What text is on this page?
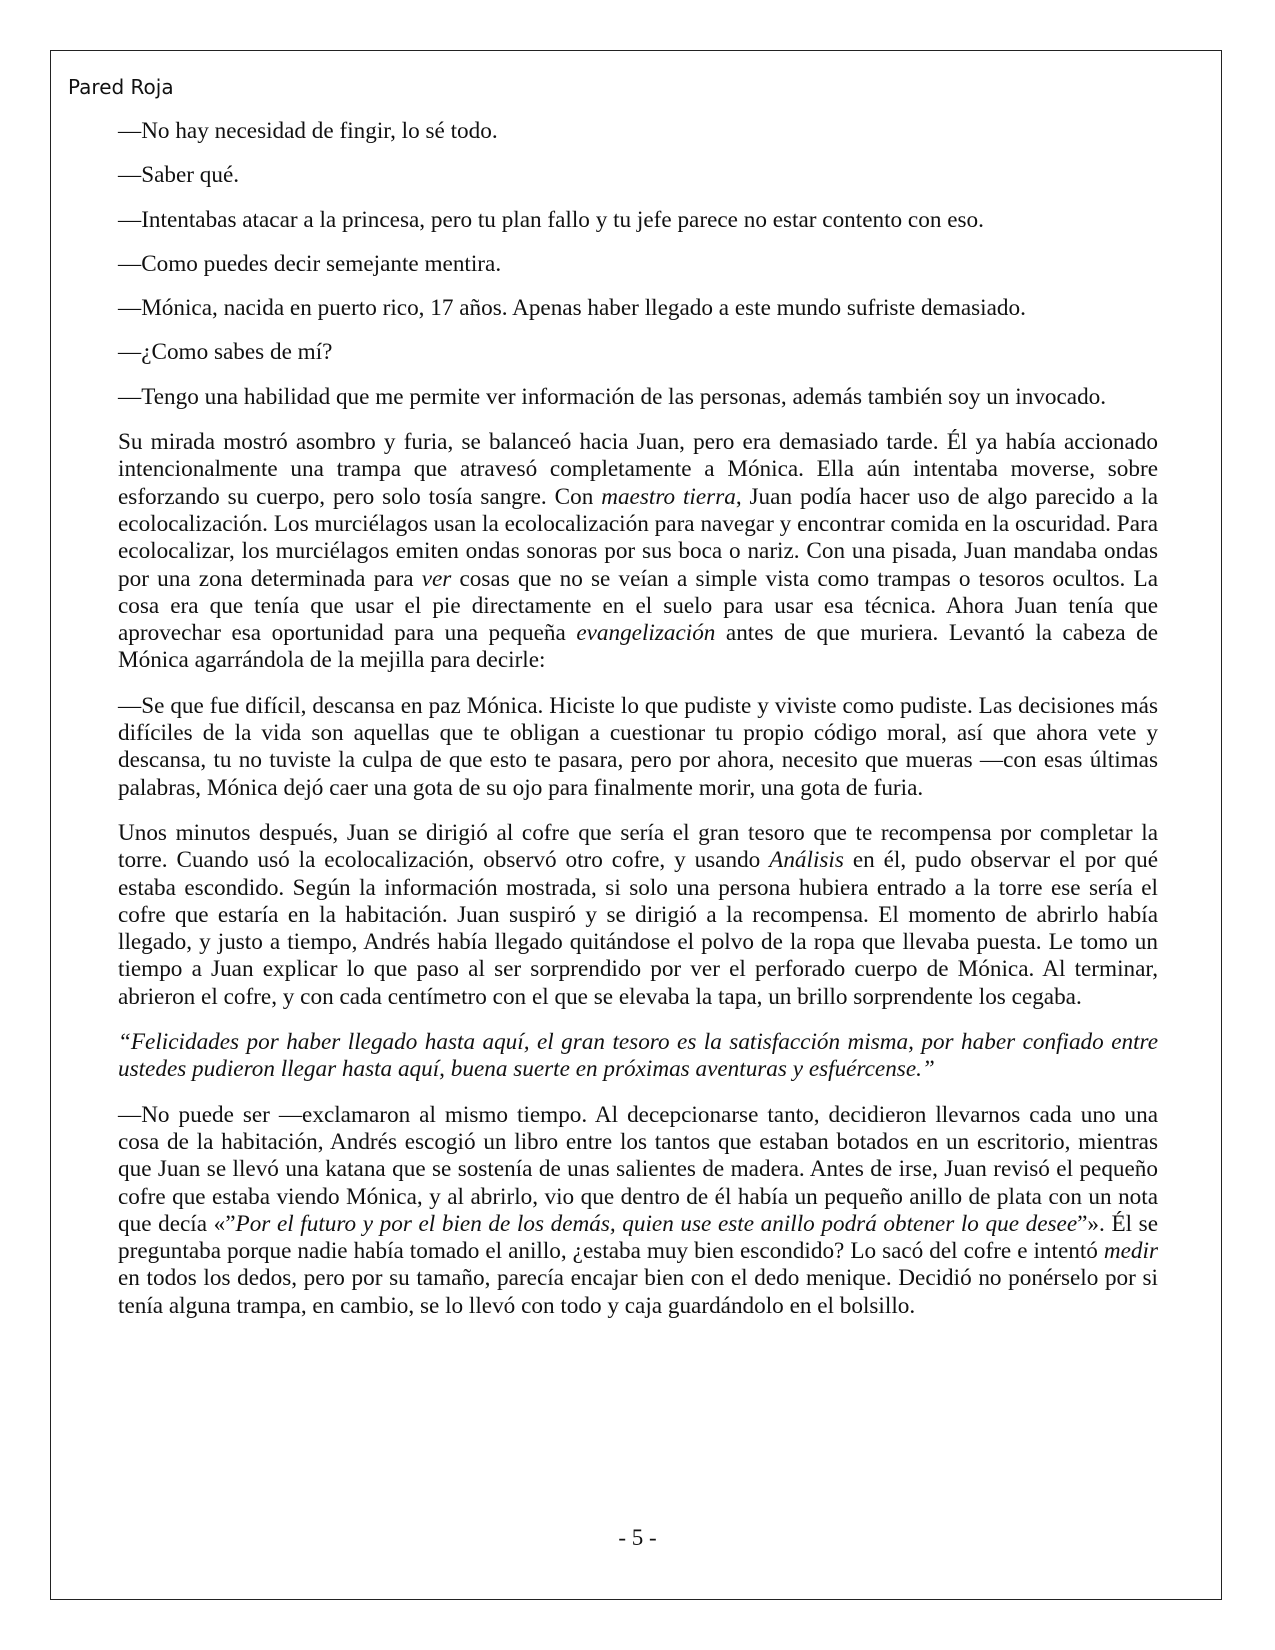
Pared Roja

—No hay necesidad de fingir, lo sé todo.

—Saber qué.

—Intentabas atacar a la princesa, pero tu plan fallo y tu jefe parece no estar contento con eso.

—Como puedes decir semejante mentira.

—Mónica, nacida en puerto rico, 17 años. Apenas haber llegado a este mundo sufriste demasiado.

—¿Como sabes de mí?

—Tengo una habilidad que me permite ver información de las personas, además también soy un invocado.

Su mirada mostró asombro y furia, se balanceó hacia Juan, pero era demasiado tarde. Él ya había accionado intencionalmente una trampa que atravesó completamente a Mónica. Ella aún intentaba moverse, sobre esforzando su cuerpo, pero solo tosía sangre. Con maestro tierra, Juan podía hacer uso de algo parecido a la ecolocalización. Los murciélagos usan la ecolocalización para navegar y encontrar comida en la oscuridad. Para ecolocalizar, los murciélagos emiten ondas sonoras por sus boca o nariz. Con una pisada, Juan mandaba ondas por una zona determinada para ver cosas que no se veían a simple vista como trampas o tesoros ocultos. La cosa era que tenía que usar el pie directamente en el suelo para usar esa técnica. Ahora Juan tenía que aprovechar esa oportunidad para una pequeña evangelización antes de que muriera. Levantó la cabeza de Mónica agarrándola de la mejilla para decirle:

—Se que fue difícil, descansa en paz Mónica. Hiciste lo que pudiste y viviste como pudiste. Las decisiones más difíciles de la vida son aquellas que te obligan a cuestionar tu propio código moral, así que ahora vete y descansa, tu no tuviste la culpa de que esto te pasara, pero por ahora, necesito que mueras —con esas últimas palabras, Mónica dejó caer una gota de su ojo para finalmente morir, una gota de furia.

Unos minutos después, Juan se dirigió al cofre que sería el gran tesoro que te recompensa por completar la torre. Cuando usó la ecolocalización, observó otro cofre, y usando Análisis en él, pudo observar el por qué estaba escondido. Según la información mostrada, si solo una persona hubiera entrado a la torre ese sería el cofre que estaría en la habitación. Juan suspiró y se dirigió a la recompensa. El momento de abrirlo había llegado, y justo a tiempo, Andrés había llegado quitándose el polvo de la ropa que llevaba puesta. Le tomo un tiempo a Juan explicar lo que paso al ser sorprendido por ver el perforado cuerpo de Mónica. Al terminar, abrieron el cofre, y con cada centímetro con el que se elevaba la tapa, un brillo sorprendente los cegaba.

“Felicidades por haber llegado hasta aquí, el gran tesoro es la satisfacción misma, por haber confiado entre ustedes pudieron llegar hasta aquí, buena suerte en próximas aventuras y esfuércense.”

—No puede ser —exclamaron al mismo tiempo. Al decepcionarse tanto, decidieron llevarnos cada uno una cosa de la habitación, Andrés escogió un libro entre los tantos que estaban botados en un escritorio, mientras que Juan se llevó una katana que se sostenía de unas salientes de madera. Antes de irse, Juan revisó el pequeño cofre que estaba viendo Mónica, y al abrirlo, vio que dentro de él había un pequeño anillo de plata con un nota que decía «”Por el futuro y por el bien de los demás, quien use este anillo podrá obtener lo que desee”». Él se preguntaba porque nadie había tomado el anillo, ¿estaba muy bien escondido? Lo sacó del cofre e intentó medir en todos los dedos, pero por su tamaño, parecía encajar bien con el dedo menique. Decidió no ponérselo por si tenía alguna trampa, en cambio, se lo llevó con todo y caja guardándolo en el bolsillo.

- 5 -
